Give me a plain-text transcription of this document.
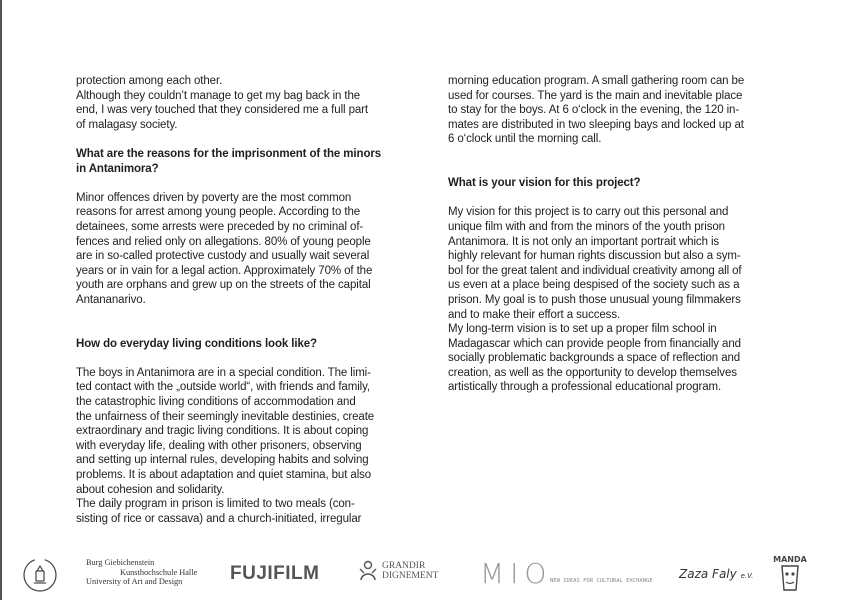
protection among each other.
Although they couldn’t manage to get my bag back in the
end, I was very touched that they considered me a full part
of malagasy society.

What are the reasons for the imprisonment of the minors
in Antanimora?

Minor offences driven by poverty are the most common
reasons for arrest among young people. According to the
detainees, some arrests were preceded by no criminal of-
fences and relied only on allegations. 80% of young people
are in so-called protective custody and usually wait several
years or in vain for a legal action. Approximately 70% of the
youth are orphans and grew up on the streets of the capital
Antananarivo.

How do everyday living conditions look like?

The boys in Antanimora are in a special condition. The limi-
ted contact with the „outside world“, with friends and family,
the catastrophic living conditions of accommodation and
the unfairness of their seemingly inevitable destinies, create
extraordinary and tragic living conditions. It is about coping
with everyday life, dealing with other prisoners, observing
and setting up internal rules, developing habits and solving
problems. It is about adaptation and quiet stamina, but also
about cohesion and solidarity.
The daily program in prison is limited to two meals (con-
sisting of rice or cassava) and a church-initiated, irregular

morning education program. A small gathering room can be
used for courses. The yard is the main and inevitable place
to stay for the boys. At 6 o‘clock in the evening, the 120 in-
mates are distributed in two sleeping bays and locked up at
6 o‘clock until the morning call.

What is your vision for this project?

My vision for this project is to carry out this personal and
unique film with and from the minors of the youth prison
Antanimora. It is not only an important portrait which is
highly relevant for human rights discussion but also a sym-
bol for the great talent and individual creativity among all of
us even at a place being despised of the society such as a
prison. My goal is to push those unusual young filmmakers
and to make their effort a success.
My long-term vision is to set up a proper film school in
Madagascar which can provide people from financially and
socially problematic backgrounds a space of reflection and
creation, as well as the opportunity to develop themselves
artistically through a professional educational program.

Burg Giebichenstein
Kunsthochschule Halle
University of Art and Design	FUJIFILM	GRANDIR
DIGNEMENT MIO
NEW IDEAS FOR CULTURAL EXCHANGE Zaza Faly e.V.
MANDA
